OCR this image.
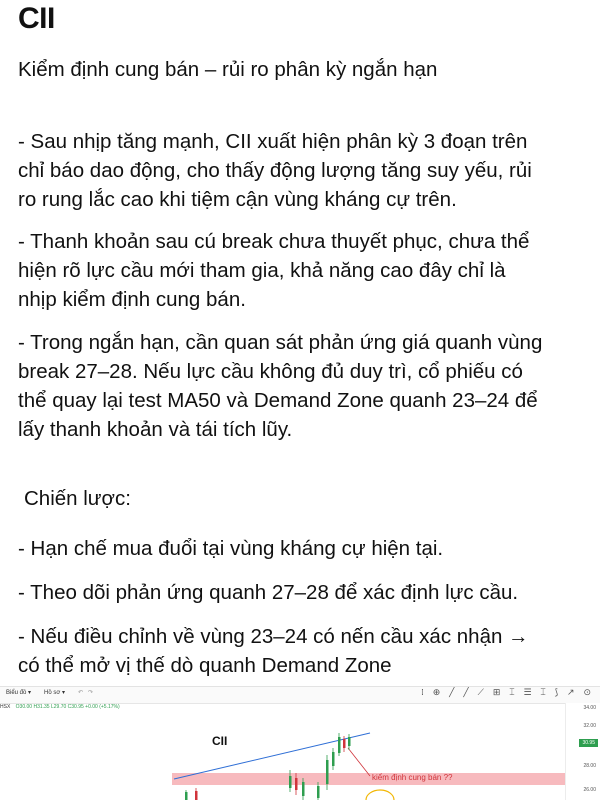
CII
Kiểm định cung bán – rủi ro phân kỳ ngắn hạn
- Sau nhịp tăng mạnh, CII xuất hiện phân kỳ 3 đoạn trên
chỉ báo dao động, cho thấy động lượng tăng suy yếu, rủi
ro rung lắc cao khi tiệm cận vùng kháng cự trên.
- Thanh khoản sau cú break chưa thuyết phục, chưa thể
hiện rõ lực cầu mới tham gia, khả năng cao đây chỉ là
nhịp kiểm định cung bán.
- Trong ngắn hạn, cần quan sát phản ứng giá quanh vùng
break 27–28. Nếu lực cầu không đủ duy trì, cổ phiếu có
thể quay lại test MA50 và Demand Zone quanh 23–24 để
lấy thanh khoản và tái tích lũy.
Chiến lược:
- Hạn chế mua đuổi tại vùng kháng cự hiện tại.
- Theo dõi phản ứng quanh 27–28 để xác định lực cầu.
- Nếu điều chỉnh về vùng 23–24 có nến cầu xác nhận →
có thể mở vị thế dò quanh Demand Zone
Biểu đồ ▾ Hồ sơ ▾ ↶ ↷	⁞ ⊕ ╱ ╱ ⟋ ⊞ ⌶ ☰ ⌶ ⟆ ↗ ⊙
HSX O30.00 H31.35 L29.70 C30.95 +0.00 (+5.17%)
CII
kiểm định cung bán ??
34.00
32.00
30.95
28.00
26.00
